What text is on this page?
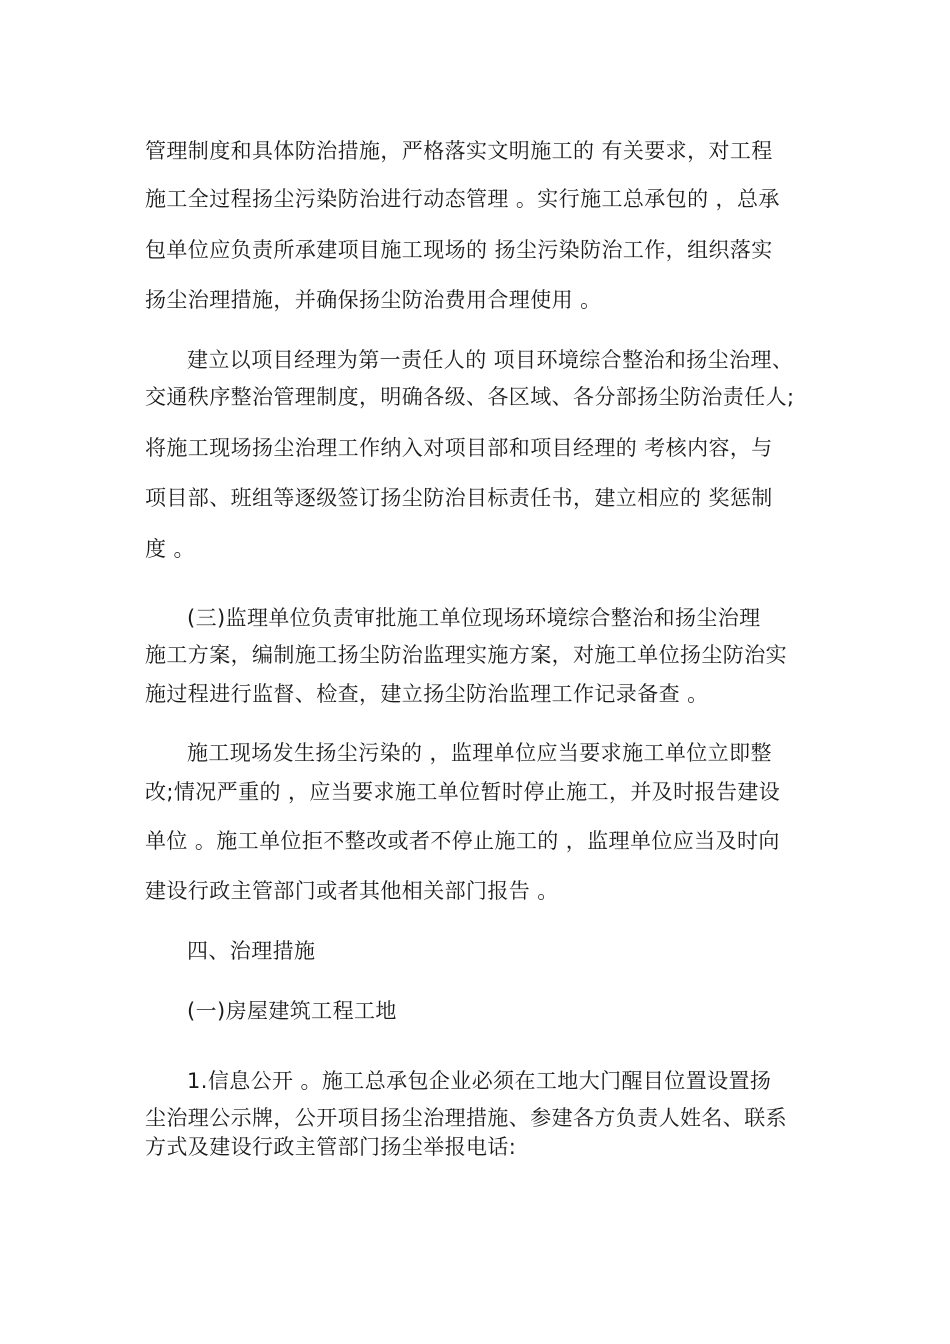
管理制度和具体防治措施，严格落实文明施工的 有关要求，对工程
施工全过程扬尘污染防治进行动态管理 。实行施工总承包的 ，总承
包单位应负责所承建项目施工现场的 扬尘污染防治工作，组织落实
扬尘治理措施，并确保扬尘防治费用合理使用 。
建立以项目经理为第一责任人的 项目环境综合整治和扬尘治理、
交通秩序整治管理制度，明确各级、各区域、各分部扬尘防治责任人;
将施工现场扬尘治理工作纳入对项目部和项目经理的 考核内容，与
项目部、班组等逐级签订扬尘防治目标责任书，建立相应的 奖惩制
度 。
(三)监理单位负责审批施工单位现场环境综合整治和扬尘治理
施工方案，编制施工扬尘防治监理实施方案，对施工单位扬尘防治实
施过程进行监督、检查，建立扬尘防治监理工作记录备查 。
施工现场发生扬尘污染的 ，监理单位应当要求施工单位立即整
改;情况严重的 ，应当要求施工单位暂时停止施工，并及时报告建设
单位 。施工单位拒不整改或者不停止施工的 ，监理单位应当及时向
建设行政主管部门或者其他相关部门报告 。
四、治理措施
(一)房屋建筑工程工地
1.信息公开 。施工总承包企业必须在工地大门醒目位置设置扬
尘治理公示牌，公开项目扬尘治理措施、参建各方负责人姓名、联系
方式及建设行政主管部门扬尘举报电话:
